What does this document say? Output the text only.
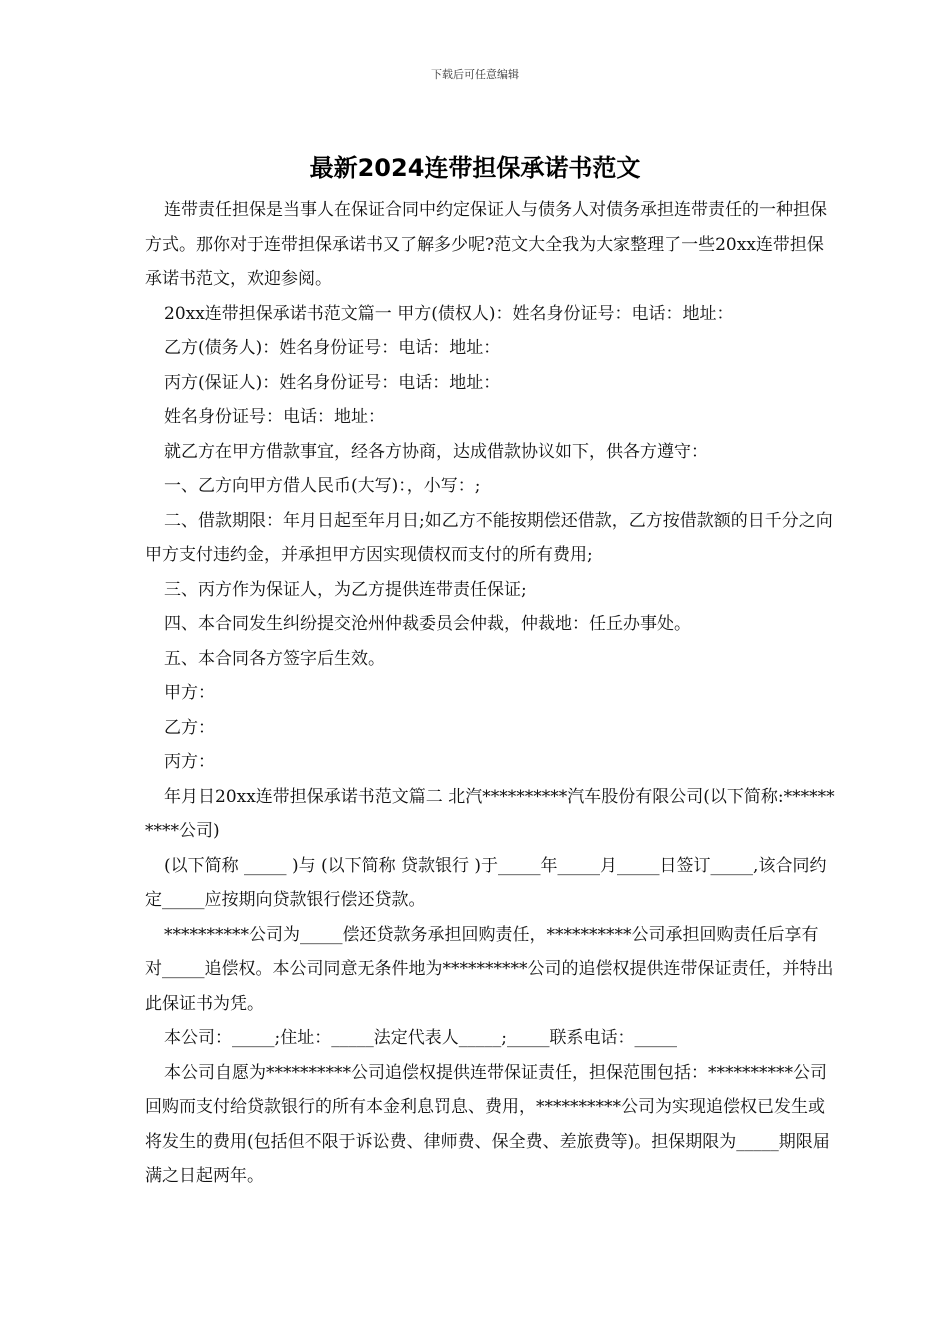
下载后可任意编辑
最新2024连带担保承诺书范文

连带责任担保是当事人在保证合同中约定保证人与债务人对债务承担连带责任的一种担保方式。那你对于连带担保承诺书又了解多少呢?范文大全我为大家整理了一些20xx连带担保承诺书范文，欢迎参阅。

20xx连带担保承诺书范文篇一 甲方(债权人)：姓名身份证号：电话：地址：

乙方(债务人)：姓名身份证号：电话：地址：

丙方(保证人)：姓名身份证号：电话：地址：

姓名身份证号：电话：地址：

就乙方在甲方借款事宜，经各方协商，达成借款协议如下，供各方遵守：

一、乙方向甲方借人民币(大写)：，小写：;

二、借款期限：年月日起至年月日;如乙方不能按期偿还借款，乙方按借款额的日千分之向甲方支付违约金，并承担甲方因实现债权而支付的所有费用;

三、丙方作为保证人，为乙方提供连带责任保证;

四、本合同发生纠纷提交沧州仲裁委员会仲裁，仲裁地：任丘办事处。

五、本合同各方签字后生效。

甲方：

乙方：

丙方：

年月日20xx连带担保承诺书范文篇二 北汽**********汽车股份有限公司(以下简称:**********公司)

(以下简称 _____ )与 (以下简称 贷款银行 )于_____年_____月_____日签订_____,该合同约定_____应按期向贷款银行偿还贷款。

**********公司为_____偿还贷款务承担回购责任，**********公司承担回购责任后享有对_____追偿权。本公司同意无条件地为**********公司的追偿权提供连带保证责任，并特出此保证书为凭。

本公司：_____;住址：_____法定代表人_____;_____联系电话：_____

本公司自愿为**********公司追偿权提供连带保证责任，担保范围包括：**********公司回购而支付给贷款银行的所有本金利息罚息、费用，**********公司为实现追偿权已发生或将发生的费用(包括但不限于诉讼费、律师费、保全费、差旅费等)。担保期限为_____期限届满之日起两年。
